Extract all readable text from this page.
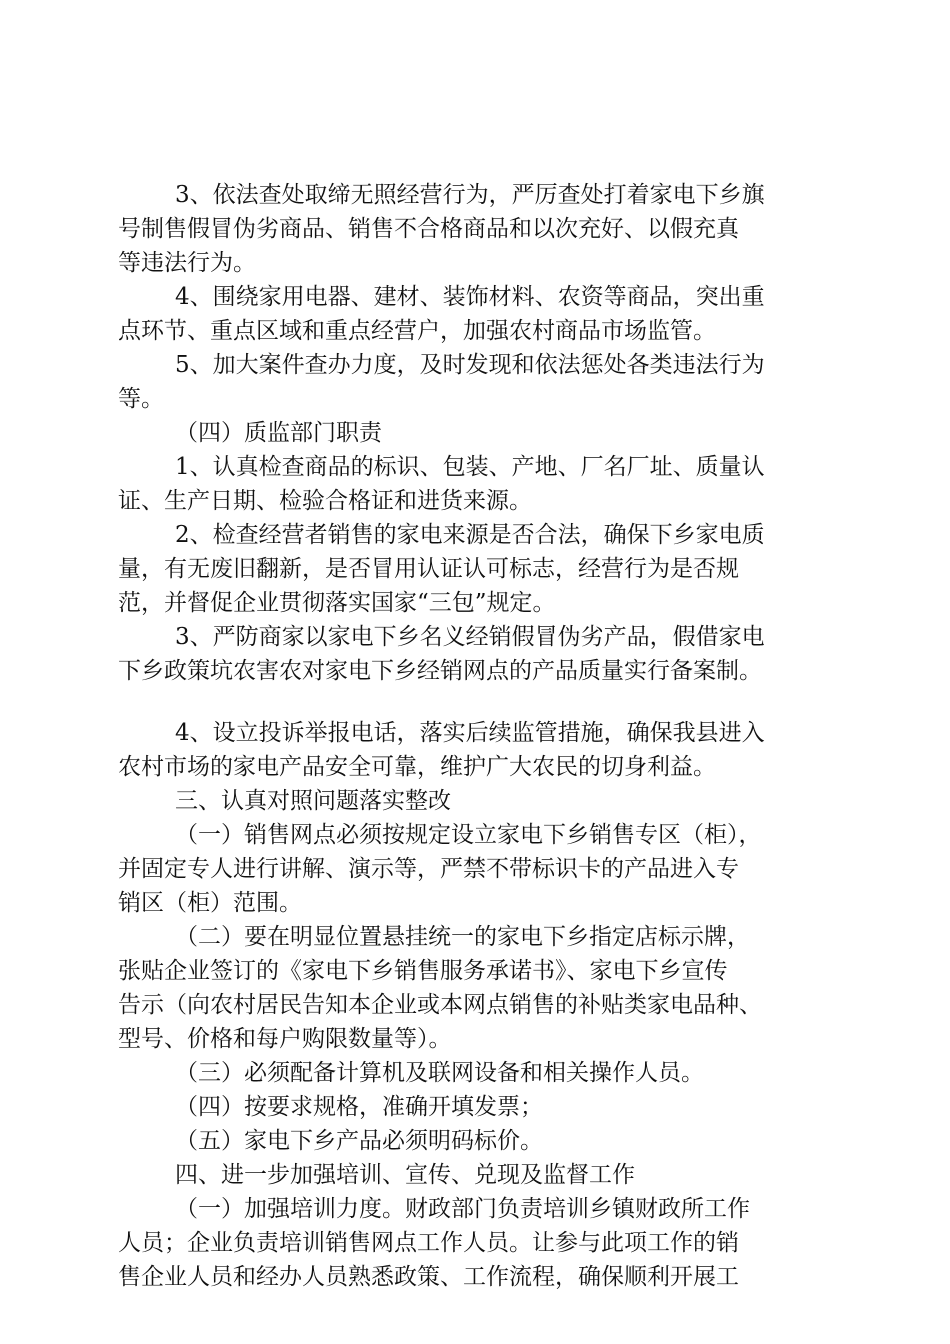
3、依法查处取缔无照经营行为，严厉查处打着家电下乡旗
号制售假冒伪劣商品、销售不合格商品和以次充好、以假充真
等违法行为。
4、围绕家用电器、建材、装饰材料、农资等商品，突出重
点环节、重点区域和重点经营户，加强农村商品市场监管。
5、加大案件查办力度，及时发现和依法惩处各类违法行为
等。
（四）质监部门职责
1、认真检查商品的标识、包装、产地、厂名厂址、质量认
证、生产日期、检验合格证和进货来源。
2、检查经营者销售的家电来源是否合法，确保下乡家电质
量，有无废旧翻新，是否冒用认证认可标志，经营行为是否规
范，并督促企业贯彻落实国家“三包”规定。
3、严防商家以家电下乡名义经销假冒伪劣产品，假借家电
下乡政策坑农害农对家电下乡经销网点的产品质量实行备案制。
4、设立投诉举报电话，落实后续监管措施，确保我县进入
农村市场的家电产品安全可靠，维护广大农民的切身利益。
三、认真对照问题落实整改
（一）销售网点必须按规定设立家电下乡销售专区（柜），
并固定专人进行讲解、演示等，严禁不带标识卡的产品进入专
销区（柜）范围。
（二）要在明显位置悬挂统一的家电下乡指定店标示牌，
张贴企业签订的《家电下乡销售服务承诺书》、家电下乡宣传
告示（向农村居民告知本企业或本网点销售的补贴类家电品种、
型号、价格和每户购限数量等）。
（三）必须配备计算机及联网设备和相关操作人员。
（四）按要求规格，准确开填发票；
（五）家电下乡产品必须明码标价。
四、进一步加强培训、宣传、兑现及监督工作
（一）加强培训力度。财政部门负责培训乡镇财政所工作
人员；企业负责培训销售网点工作人员。让参与此项工作的销
售企业人员和经办人员熟悉政策、工作流程，确保顺利开展工
